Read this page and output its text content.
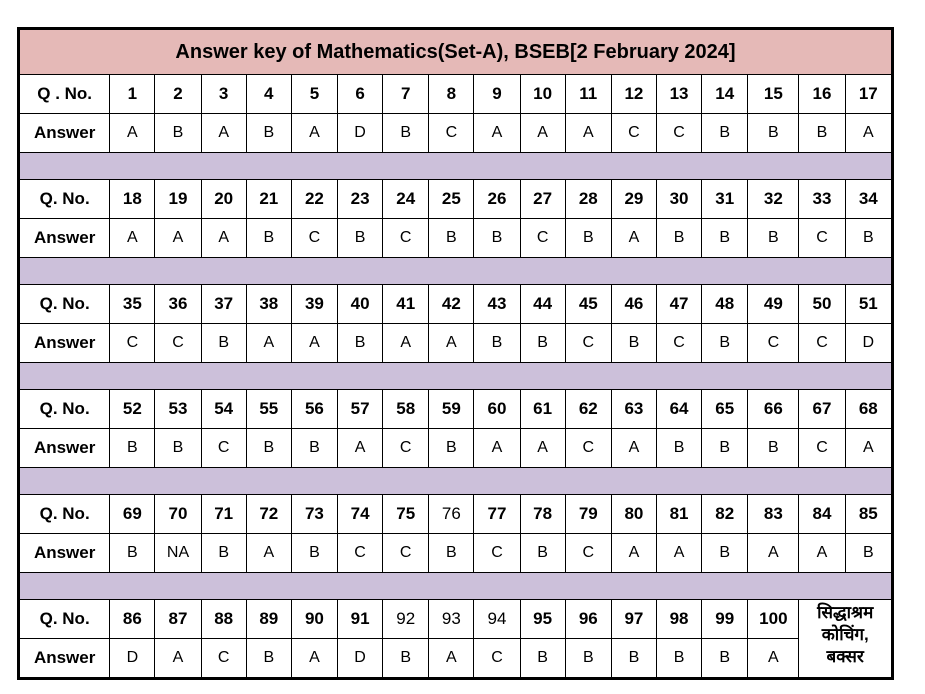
Answer key of Mathematics(Set-A), BSEB[2 February 2024]																	
Q . No.	1	2	3	4	5	6	7	8	9	10	11	12	13	14	15	16	17
Answer	A	B	A	B	A	D	B	C	A	A	A	C	C	B	B	B	A

Q. No.	18	19	20	21	22	23	24	25	26	27	28	29	30	31	32	33	34
Answer	A	A	A	B	C	B	C	B	B	C	B	A	B	B	B	C	B

Q. No.	35	36	37	38	39	40	41	42	43	44	45	46	47	48	49	50	51
Answer	C	C	B	A	A	B	A	A	B	B	C	B	C	B	C	C	D

Q. No.	52	53	54	55	56	57	58	59	60	61	62	63	64	65	66	67	68
Answer	B	B	C	B	B	A	C	B	A	A	C	A	B	B	B	C	A

Q. No.	69	70	71	72	73	74	75	76	77	78	79	80	81	82	83	84	85
Answer	B	NA	B	A	B	C	C	B	C	B	C	A	A	B	A	A	B

Q. No.	86	87	88	89	90	91	92	93	94	95	96	97	98	99	100	सिद्धाश्रम
कोचिंग,
बक्सर	

Answer	D	A	C	B	A	D	B	A	C	B	B	B	B	B	A		
